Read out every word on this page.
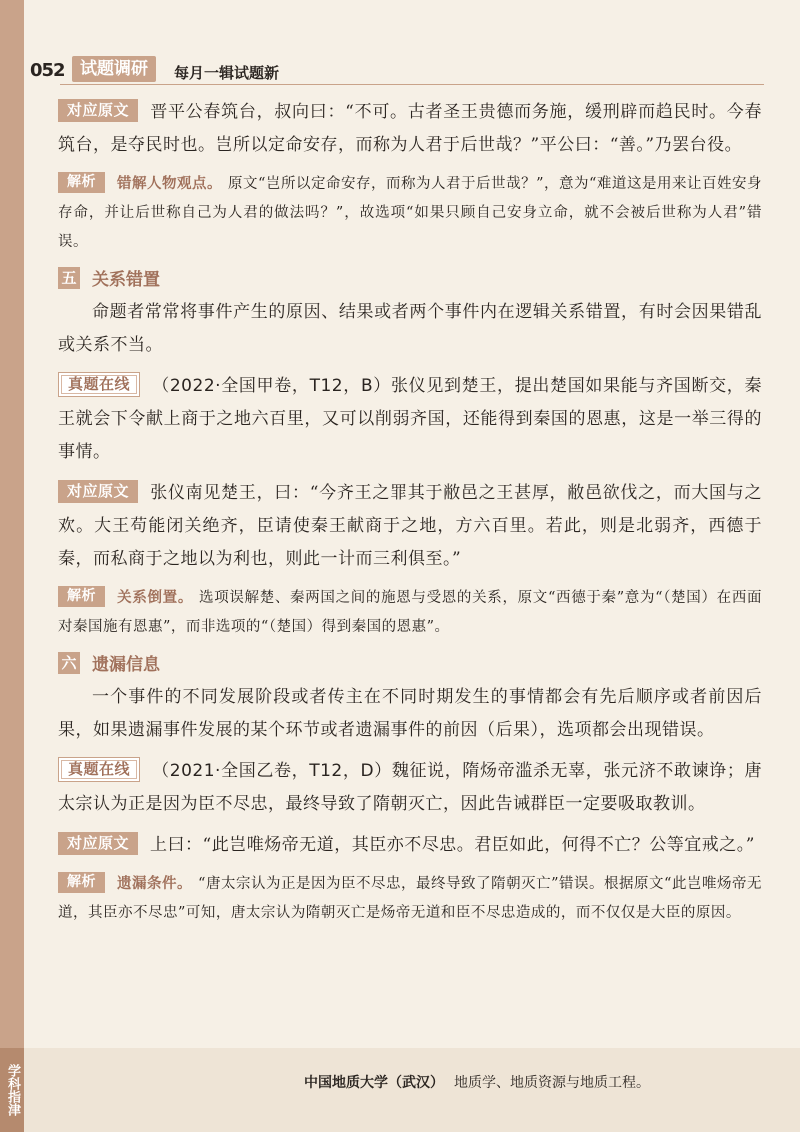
052 试题调研	每月一辑试题新

对应原文 晋平公春筑台，叔向曰：“不可。古者圣王贵德而务施，缓刑辟而趋民时。今春筑台，是夺民时也。岂所以定命安存，而称为人君于后世哉？”平公曰：“善。”乃罢台役。

解析 错解人物观点。 原文“岂所以定命安存，而称为人君于后世哉？”，意为“难道这是用来让百姓安身存命，并让后世称自己为人君的做法吗？”，故选项“如果只顾自己安身立命，就不会被后世称为人君”错误。

五 关系错置

命题者常常将事件产生的原因、结果或者两个事件内在逻辑关系错置，有时会因果错乱或关系不当。

真题在线 （2022·全国甲卷，T12，B）张仪见到楚王，提出楚国如果能与齐国断交，秦王就会下令献上商于之地六百里，又可以削弱齐国，还能得到秦国的恩惠，这是一举三得的事情。

对应原文 张仪南见楚王，曰：“今齐王之罪其于敝邑之王甚厚，敝邑欲伐之，而大国与之欢。大王苟能闭关绝齐，臣请使秦王献商于之地，方六百里。若此，则是北弱齐，西德于秦，而私商于之地以为利也，则此一计而三利俱至。”

解析 关系倒置。 选项误解楚、秦两国之间的施恩与受恩的关系，原文“西德于秦”意为“（楚国）在西面对秦国施有恩惠”，而非选项的“（楚国）得到秦国的恩惠”。

六 遗漏信息

一个事件的不同发展阶段或者传主在不同时期发生的事情都会有先后顺序或者前因后果，如果遗漏事件发展的某个环节或者遗漏事件的前因（后果），选项都会出现错误。

真题在线 （2021·全国乙卷，T12，D）魏征说，隋炀帝滥杀无辜，张元济不敢谏诤；唐太宗认为正是因为臣不尽忠，最终导致了隋朝灭亡，因此告诫群臣一定要吸取教训。

对应原文 上曰：“此岂唯炀帝无道，其臣亦不尽忠。君臣如此，何得不亡？公等宜戒之。”

解析 遗漏条件。 “唐太宗认为正是因为臣不尽忠，最终导致了隋朝灭亡”错误。根据原文“此岂唯炀帝无道，其臣亦不尽忠”可知，唐太宗认为隋朝灭亡是炀帝无道和臣不尽忠造成的，而不仅仅是大臣的原因。

学科指津	中国地质大学（武汉） 地质学、地质资源与地质工程。
